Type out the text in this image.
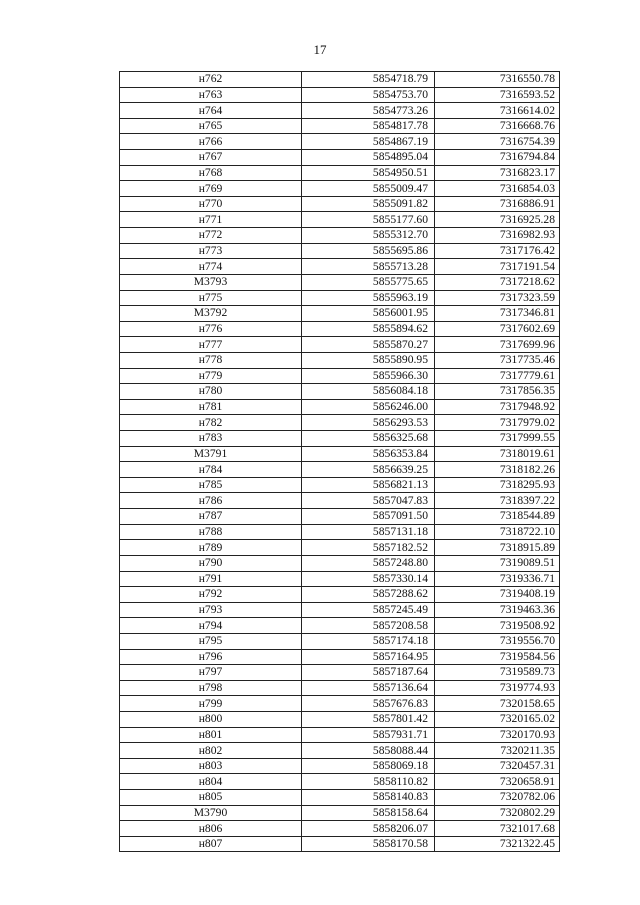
17
н762	5854718.79	7316550.78
н763	5854753.70	7316593.52
н764	5854773.26	7316614.02
н765	5854817.78	7316668.76
н766	5854867.19	7316754.39
н767	5854895.04	7316794.84
н768	5854950.51	7316823.17
н769	5855009.47	7316854.03
н770	5855091.82	7316886.91
н771	5855177.60	7316925.28
н772	5855312.70	7316982.93
н773	5855695.86	7317176.42
н774	5855713.28	7317191.54
М3793	5855775.65	7317218.62
н775	5855963.19	7317323.59
М3792	5856001.95	7317346.81
н776	5855894.62	7317602.69
н777	5855870.27	7317699.96
н778	5855890.95	7317735.46
н779	5855966.30	7317779.61
н780	5856084.18	7317856.35
н781	5856246.00	7317948.92
н782	5856293.53	7317979.02
н783	5856325.68	7317999.55
М3791	5856353.84	7318019.61
н784	5856639.25	7318182.26
н785	5856821.13	7318295.93
н786	5857047.83	7318397.22
н787	5857091.50	7318544.89
н788	5857131.18	7318722.10
н789	5857182.52	7318915.89
н790	5857248.80	7319089.51
н791	5857330.14	7319336.71
н792	5857288.62	7319408.19
н793	5857245.49	7319463.36
н794	5857208.58	7319508.92
н795	5857174.18	7319556.70
н796	5857164.95	7319584.56
н797	5857187.64	7319589.73
н798	5857136.64	7319774.93
н799	5857676.83	7320158.65
н800	5857801.42	7320165.02
н801	5857931.71	7320170.93
н802	5858088.44	7320211.35
н803	5858069.18	7320457.31
н804	5858110.82	7320658.91
н805	5858140.83	7320782.06
М3790	5858158.64	7320802.29
н806	5858206.07	7321017.68
н807	5858170.58	7321322.45
